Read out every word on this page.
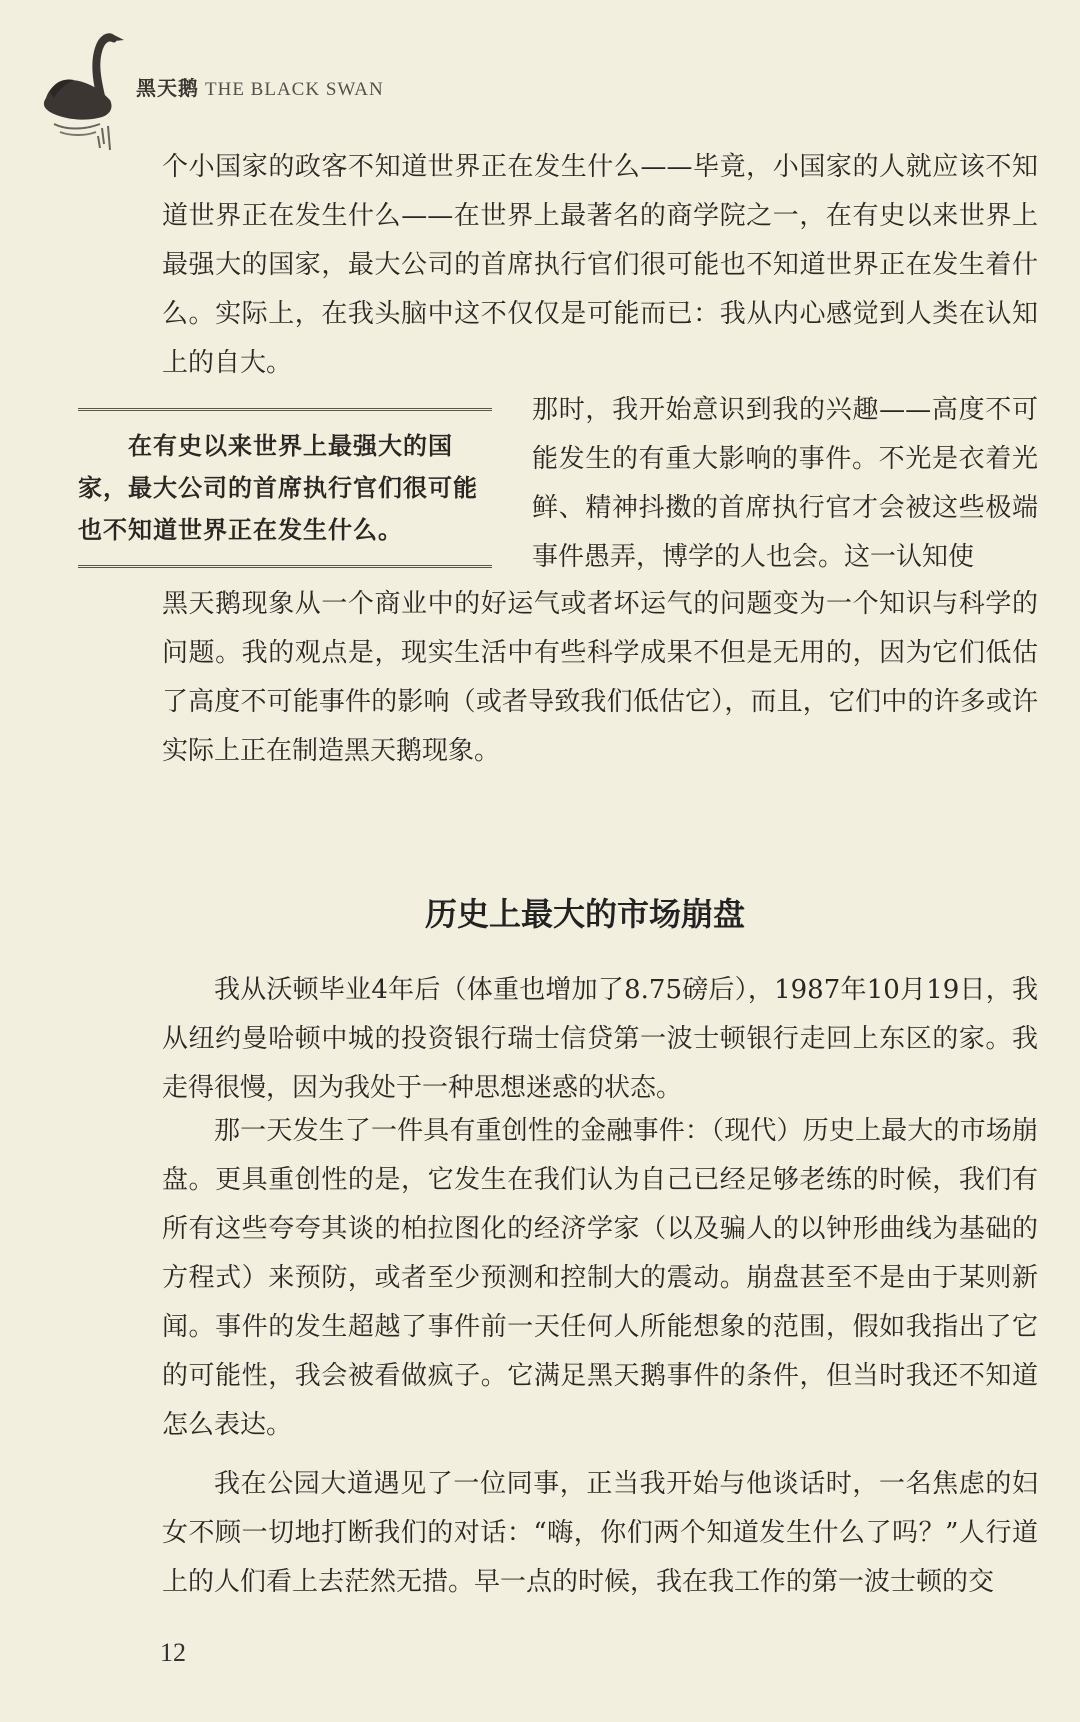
黑天鹅 THE BLACK SWAN

个小国家的政客不知道世界正在发生什么——毕竟，小国家的人就应该不知道世界正在发生什么——在世界上最著名的商学院之一，在有史以来世界上最强大的国家，最大公司的首席执行官们很可能也不知道世界正在发生着什么。实际上，在我头脑中这不仅仅是可能而已：我从内心感觉到人类在认知上的自大。

在有史以来世界上最强大的国家，最大公司的首席执行官们很可能也不知道世界正在发生什么。

那时，我开始意识到我的兴趣——高度不可能发生的有重大影响的事件。不光是衣着光鲜、精神抖擞的首席执行官才会被这些极端事件愚弄，博学的人也会。这一认知使

黑天鹅现象从一个商业中的好运气或者坏运气的问题变为一个知识与科学的问题。我的观点是，现实生活中有些科学成果不但是无用的，因为它们低估了高度不可能事件的影响（或者导致我们低估它），而且，它们中的许多或许实际上正在制造黑天鹅现象。

历史上最大的市场崩盘

我从沃顿毕业4年后（体重也增加了8.75磅后），1987年10月19日，我从纽约曼哈顿中城的投资银行瑞士信贷第一波士顿银行走回上东区的家。我走得很慢，因为我处于一种思想迷惑的状态。

那一天发生了一件具有重创性的金融事件：（现代）历史上最大的市场崩盘。更具重创性的是，它发生在我们认为自己已经足够老练的时候，我们有所有这些夸夸其谈的柏拉图化的经济学家（以及骗人的以钟形曲线为基础的方程式）来预防，或者至少预测和控制大的震动。崩盘甚至不是由于某则新闻。事件的发生超越了事件前一天任何人所能想象的范围，假如我指出了它的可能性，我会被看做疯子。它满足黑天鹅事件的条件，但当时我还不知道怎么表达。

我在公园大道遇见了一位同事，正当我开始与他谈话时，一名焦虑的妇女不顾一切地打断我们的对话：“嗨，你们两个知道发生什么了吗？”人行道上的人们看上去茫然无措。早一点的时候，我在我工作的第一波士顿的交

12
